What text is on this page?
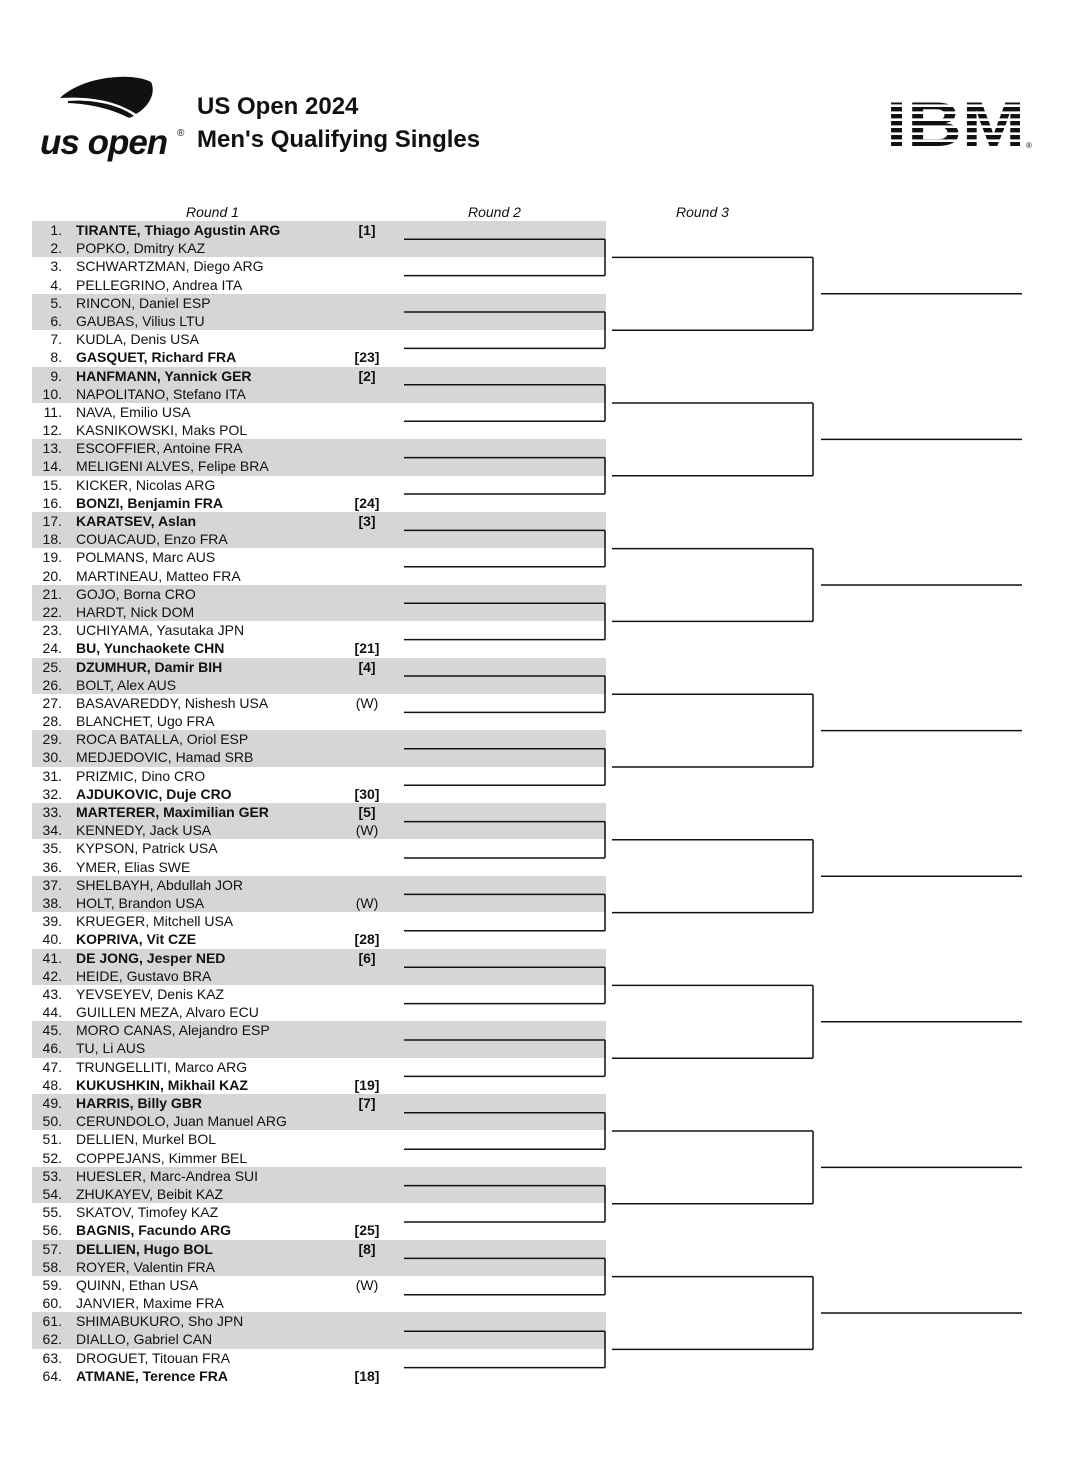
us open ®
US Open 2024
Men's Qualifying Singles	IBM ®
Round 1	Round 2	Round 3
1. TIRANTE, Thiago Agustin ARG	[1]
2. POPKO, Dmitry KAZ
3. SCHWARTZMAN, Diego ARG
4. PELLEGRINO, Andrea ITA
5. RINCON, Daniel ESP
6. GAUBAS, Vilius LTU
7. KUDLA, Denis USA
8. GASQUET, Richard FRA	[23]
9. HANFMANN, Yannick GER	[2]
10. NAPOLITANO, Stefano ITA
11. NAVA, Emilio USA
12. KASNIKOWSKI, Maks POL
13. ESCOFFIER, Antoine FRA
14. MELIGENI ALVES, Felipe BRA
15. KICKER, Nicolas ARG
16. BONZI, Benjamin FRA	[24]
17. KARATSEV, Aslan	[3]
18. COUACAUD, Enzo FRA
19. POLMANS, Marc AUS
20. MARTINEAU, Matteo FRA
21. GOJO, Borna CRO
22. HARDT, Nick DOM
23. UCHIYAMA, Yasutaka JPN
24. BU, Yunchaokete CHN	[21]
25. DZUMHUR, Damir BIH	[4]
26. BOLT, Alex AUS
27. BASAVAREDDY, Nishesh USA	(W)
28. BLANCHET, Ugo FRA
29. ROCA BATALLA, Oriol ESP
30. MEDJEDOVIC, Hamad SRB
31. PRIZMIC, Dino CRO
32. AJDUKOVIC, Duje CRO	[30]
33. MARTERER, Maximilian GER	[5]
34. KENNEDY, Jack USA	(W)
35. KYPSON, Patrick USA
36. YMER, Elias SWE
37. SHELBAYH, Abdullah JOR
38. HOLT, Brandon USA	(W)
39. KRUEGER, Mitchell USA
40. KOPRIVA, Vit CZE	[28]
41. DE JONG, Jesper NED	[6]
42. HEIDE, Gustavo BRA
43. YEVSEYEV, Denis KAZ
44. GUILLEN MEZA, Alvaro ECU
45. MORO CANAS, Alejandro ESP
46. TU, Li AUS
47. TRUNGELLITI, Marco ARG
48. KUKUSHKIN, Mikhail KAZ	[19]
49. HARRIS, Billy GBR	[7]
50. CERUNDOLO, Juan Manuel ARG
51. DELLIEN, Murkel BOL
52. COPPEJANS, Kimmer BEL
53. HUESLER, Marc-Andrea SUI
54. ZHUKAYEV, Beibit KAZ
55. SKATOV, Timofey KAZ
56. BAGNIS, Facundo ARG	[25]
57. DELLIEN, Hugo BOL	[8]
58. ROYER, Valentin FRA
59. QUINN, Ethan USA	(W)
60. JANVIER, Maxime FRA
61. SHIMABUKURO, Sho JPN
62. DIALLO, Gabriel CAN
63. DROGUET, Titouan FRA
64. ATMANE, Terence FRA	[18]
